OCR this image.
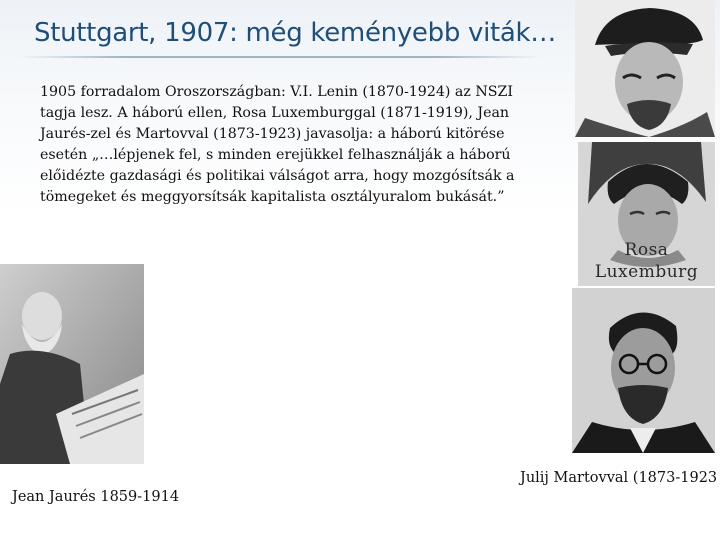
Stuttgart, 1907: még keményebb viták…
1905 forradalom Oroszországban: V.I. Lenin (1870-1924) az NSZI
tagja lesz. A háború ellen, Rosa Luxemburggal (1871-1919), Jean
Jaurés-zel és Martovval (1873-1923) javasolja: a háború kitörése
esetén „…lépjenek fel, s minden erejükkel felhasználják a háború
előidézte gazdasági és politikai válságot arra, hogy mozgósítsák a
tömegeket és meggyorsítsák kapitalista osztályuralom bukását.”
Rosa
Luxemburg
Julij Martovval (1873-1923
Jean Jaurés 1859-1914
